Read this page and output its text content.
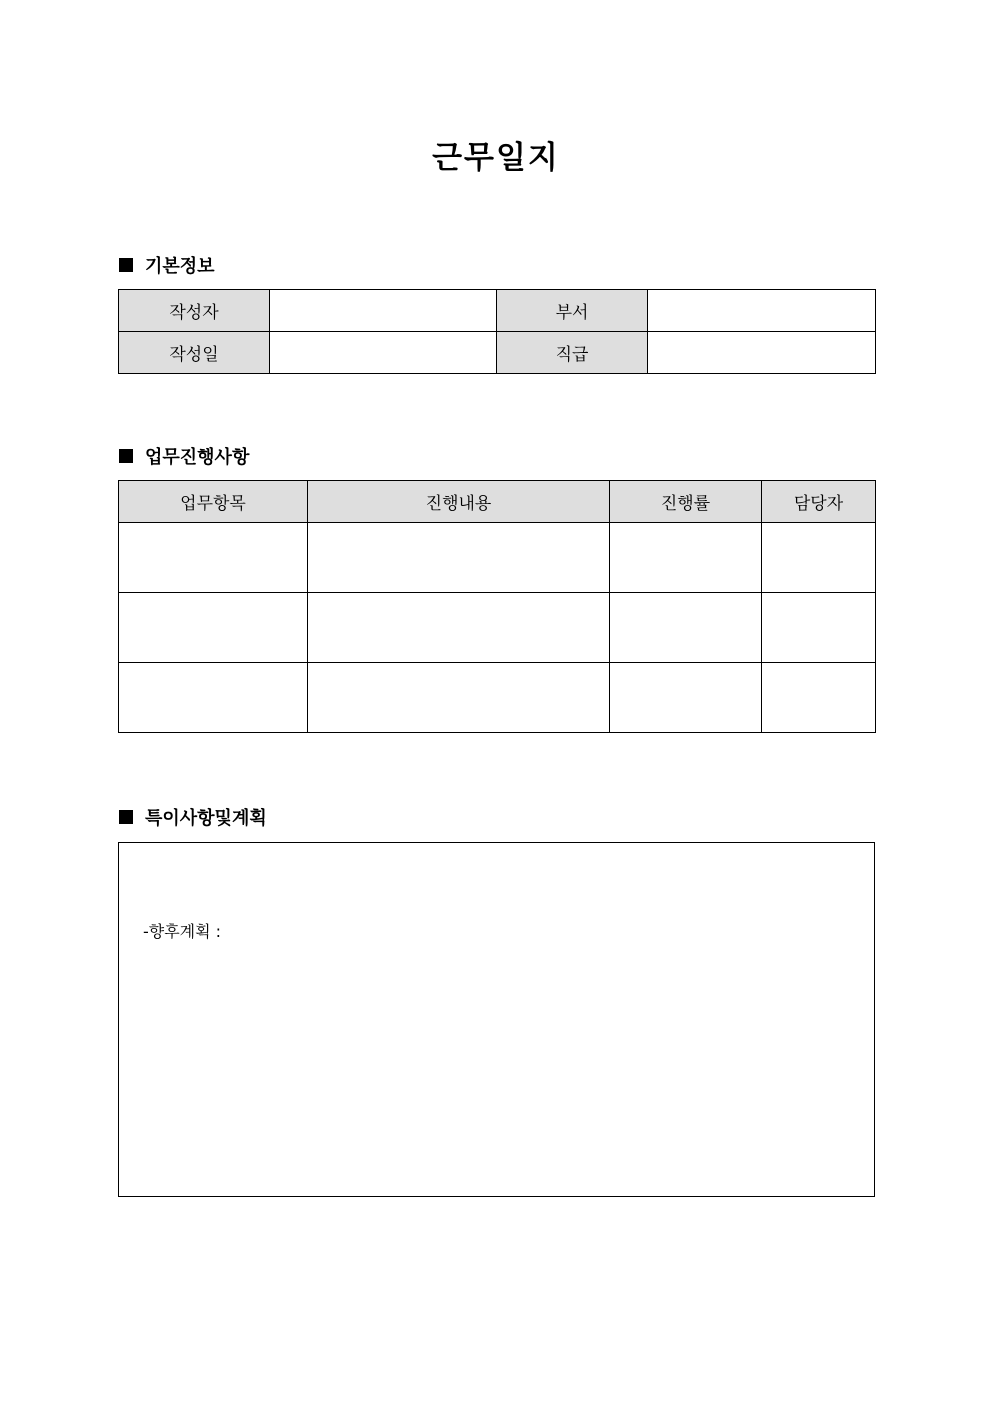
근무일지
기본정보
작성자		부서	
작성일		직급	
업무진행사항
업무항목	진행내용	진행률	담당자

특이사항및계획
-향후계획 :
